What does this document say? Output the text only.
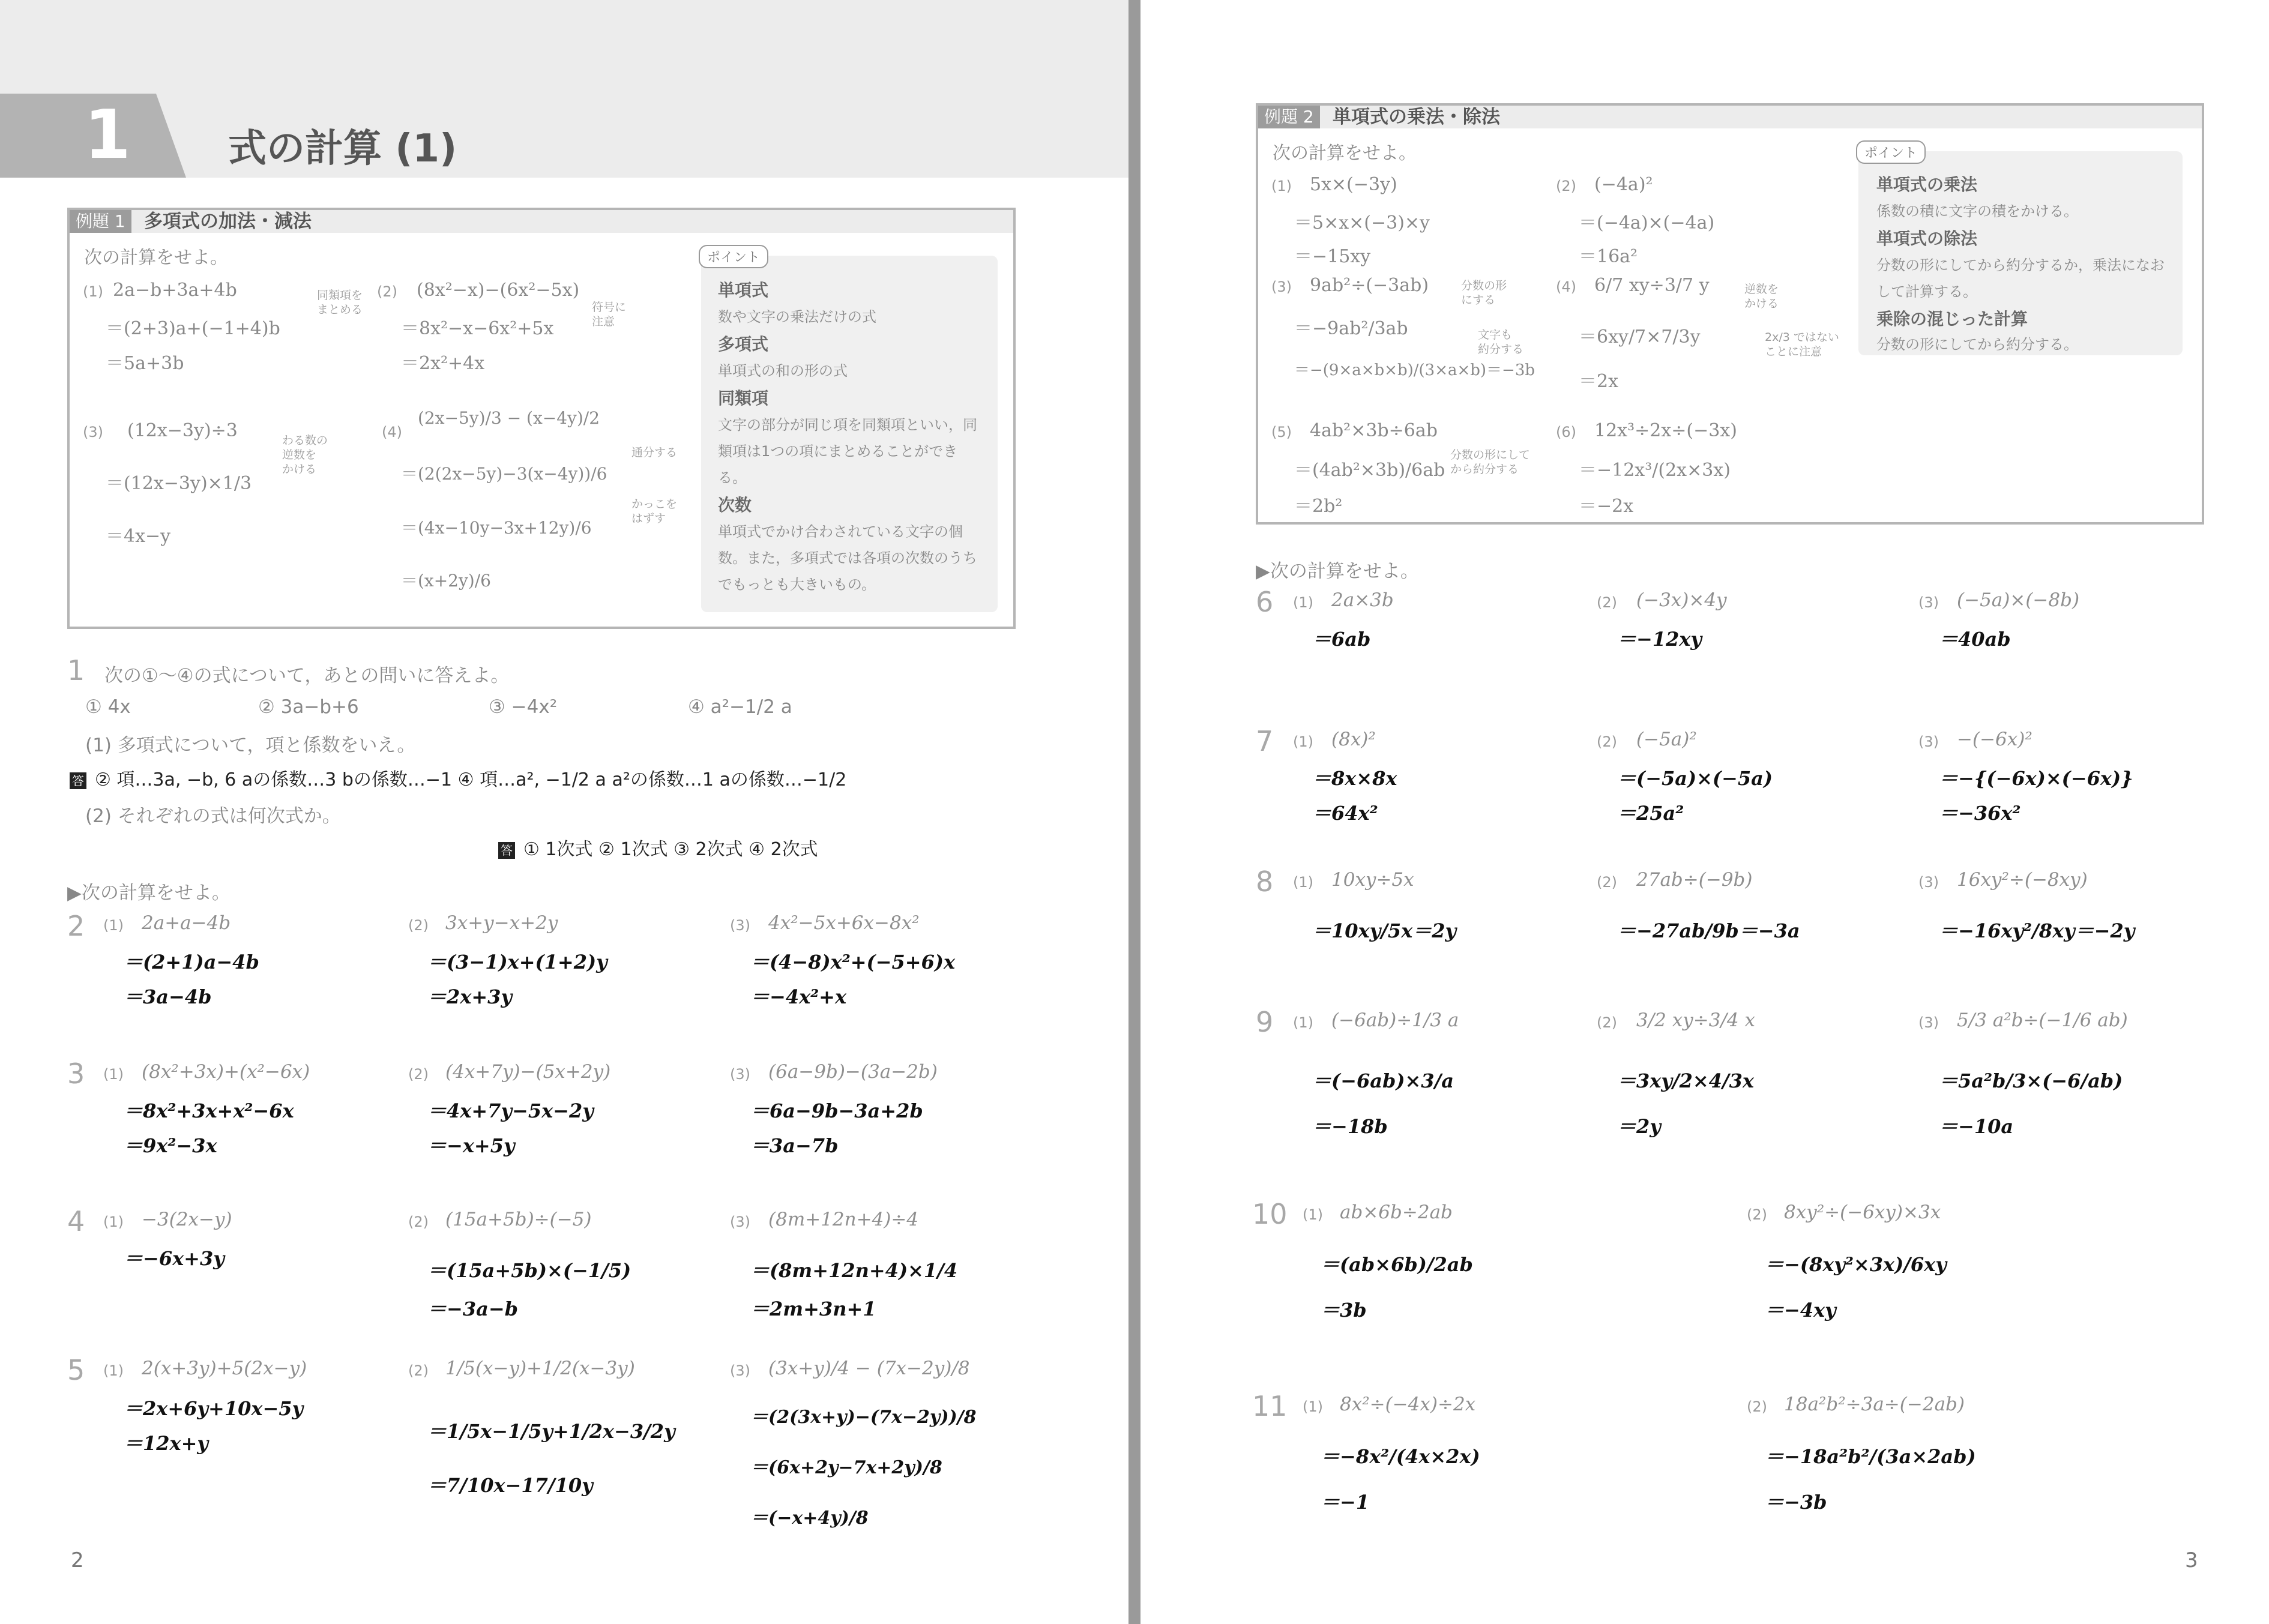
1	式の計算 (1)
例題 1	多項式の加法・減法
次の計算をせよ。
(1) 2a−b+3a+4b
＝(2+3)a+(−1+4)b
＝5a+3b
同類項を
まとめる
(2) (8x²−x)−(6x²−5x)
＝8x²−x−6x²+5x
＝2x²+4x
符号に
注意
(3) (12x−3y)÷3
＝(12x−3y)×1/3
＝4x−y
わる数の
逆数を
かける
(4)
(2x−5y)/3 − (x−4y)/2
＝(2(2x−5y)−3(x−4y))/6
＝(4x−10y−3x+12y)/6
＝(x+2y)/6
通分する
かっこを
はずす
ポイント
単項式
数や文字の乗法だけの式
多項式
単項式の和の形の式
同類項
文字の部分が同じ項を同類項といい，同類項は1つの項にまとめることができる。
次数
単項式でかけ合わされている文字の個数。また，多項式では各項の次数のうちでもっとも大きいもの。
1 次の①〜④の式について，あとの問いに答えよ。
① 4x	② 3a−b+6	③ −4x²	④ a²−1/2 a
(1) 多項式について，項と係数をいえ。
答 ② 項…3a, −b, 6 aの係数…3 bの係数…−1 ④ 項…a², −1/2 a a²の係数…1 aの係数…−1/2
(2) それぞれの式は何次式か。
答 ① 1次式 ② 1次式 ③ 2次式 ④ 2次式
▶次の計算をせよ。
2 (1) 2a+a−4b
＝(2+1)a−4b
＝3a−4b
(2) 3x+y−x+2y
＝(3−1)x+(1+2)y
＝2x+3y
(3) 4x²−5x+6x−8x²
＝(4−8)x²+(−5+6)x
＝−4x²+x
3 (1) (8x²+3x)+(x²−6x)
＝8x²+3x+x²−6x
＝9x²−3x
(2) (4x+7y)−(5x+2y)
＝4x+7y−5x−2y
＝−x+5y
(3) (6a−9b)−(3a−2b)
＝6a−9b−3a+2b
＝3a−7b
4 (1) −3(2x−y)
＝−6x+3y
(2) (15a+5b)÷(−5)
＝(15a+5b)×(−1/5)
＝−3a−b
(3) (8m+12n+4)÷4
＝(8m+12n+4)×1/4
＝2m+3n+1
5 (1) 2(x+3y)+5(2x−y)
＝2x+6y+10x−5y
＝12x+y
(2) 1/5(x−y)+1/2(x−3y)
＝1/5x−1/5y+1/2x−3/2y
＝7/10x−17/10y
(3) (3x+y)/4 − (7x−2y)/8
＝(2(3x+y)−(7x−2y))/8
＝(6x+2y−7x+2y)/8
＝(−x+4y)/8
2
例題 2	単項式の乗法・除法
次の計算をせよ。
(1) 5x×(−3y)
＝5×x×(−3)×y
＝−15xy
(2) (−4a)²
＝(−4a)×(−4a)
＝16a²
(3) 9ab²÷(−3ab)
＝−9ab²/3ab
＝−(9×a×b×b)/(3×a×b)＝−3b
分数の形
にする
文字も
約分する
(4) 6/7 xy÷3/7 y
＝6xy/7×7/3y
＝2x
逆数を
かける
2x/3 ではない
ことに注意
(5) 4ab²×3b÷6ab
＝(4ab²×3b)/6ab
＝2b²
分数の形にして
から約分する
(6) 12x³÷2x÷(−3x)
＝−12x³/(2x×3x)
＝−2x
ポイント
単項式の乗法
係数の積に文字の積をかける。
単項式の除法
分数の形にしてから約分するか，乗法になおして計算する。
乗除の混じった計算
分数の形にしてから約分する。
▶次の計算をせよ。
6 (1) 2a×3b
＝6ab
(2) (−3x)×4y
＝−12xy
(3) (−5a)×(−8b)
＝40ab
7 (1) (8x)²
＝8x×8x
＝64x²
(2) (−5a)²
＝(−5a)×(−5a)
＝25a²
(3) −(−6x)²
＝−{(−6x)×(−6x)}
＝−36x²
8 (1) 10xy÷5x
＝10xy/5x＝2y
(2) 27ab÷(−9b)
＝−27ab/9b＝−3a
(3) 16xy²÷(−8xy)
＝−16xy²/8xy＝−2y
9 (1) (−6ab)÷1/3 a
＝(−6ab)×3/a
＝−18b
(2) 3/2 xy÷3/4 x
＝3xy/2×4/3x
＝2y
(3) 5/3 a²b÷(−1/6 ab)
＝5a²b/3×(−6/ab)
＝−10a
10 (1) ab×6b÷2ab
＝(ab×6b)/2ab
＝3b
(2) 8xy²÷(−6xy)×3x
＝−(8xy²×3x)/6xy
＝−4xy
11 (1) 8x²÷(−4x)÷2x
＝−8x²/(4x×2x)
＝−1
(2) 18a²b²÷3a÷(−2ab)
＝−18a²b²/(3a×2ab)
＝−3b
3
